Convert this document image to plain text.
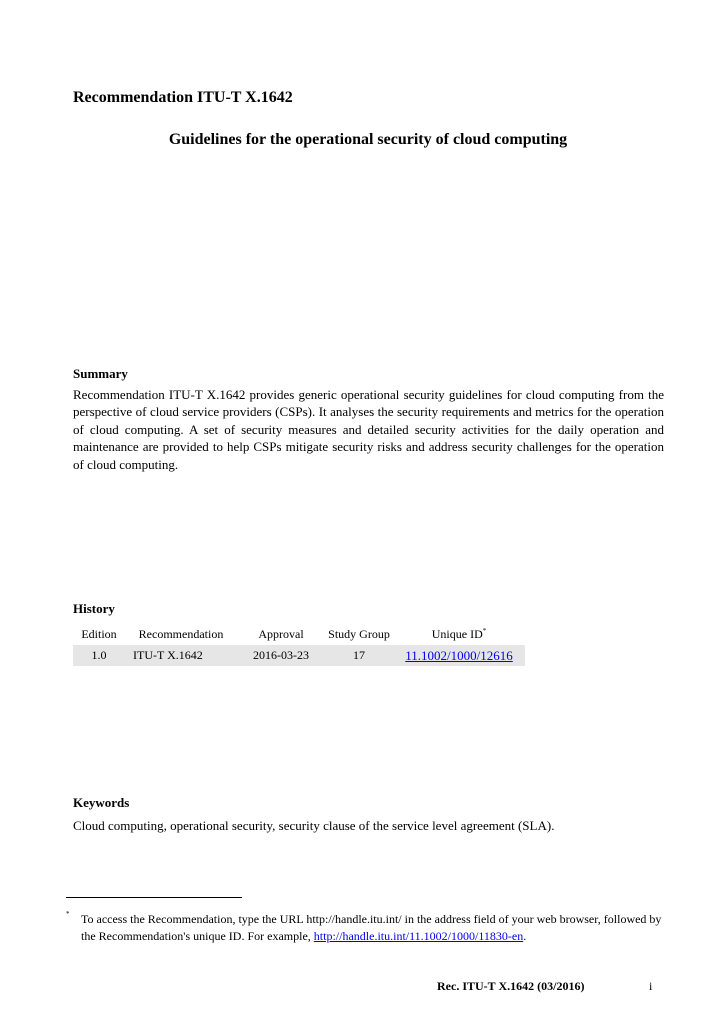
Recommendation ITU-T X.1642
Guidelines for the operational security of cloud computing
Summary

Recommendation ITU-T X.1642 provides generic operational security guidelines for cloud computing from the perspective of cloud service providers (CSPs). It analyses the security requirements and metrics for the operation of cloud computing. A set of security measures and detailed security activities for the daily operation and maintenance are provided to help CSPs mitigate security risks and address security challenges for the operation of cloud computing.

History
Edition	Recommendation	Approval	Study Group	Unique ID*
1.0	ITU-T X.1642	2016-03-23	17	11.1002/1000/12616
Keywords
Cloud computing, operational security, security clause of the service level agreement (SLA).
* To access the Recommendation, type the URL http://handle.itu.int/ in the address field of your web browser, followed by the Recommendation's unique ID. For example, http://handle.itu.int/11.1002/1000/11830-en.

Rec. ITU-T X.1642 (03/2016)	i
